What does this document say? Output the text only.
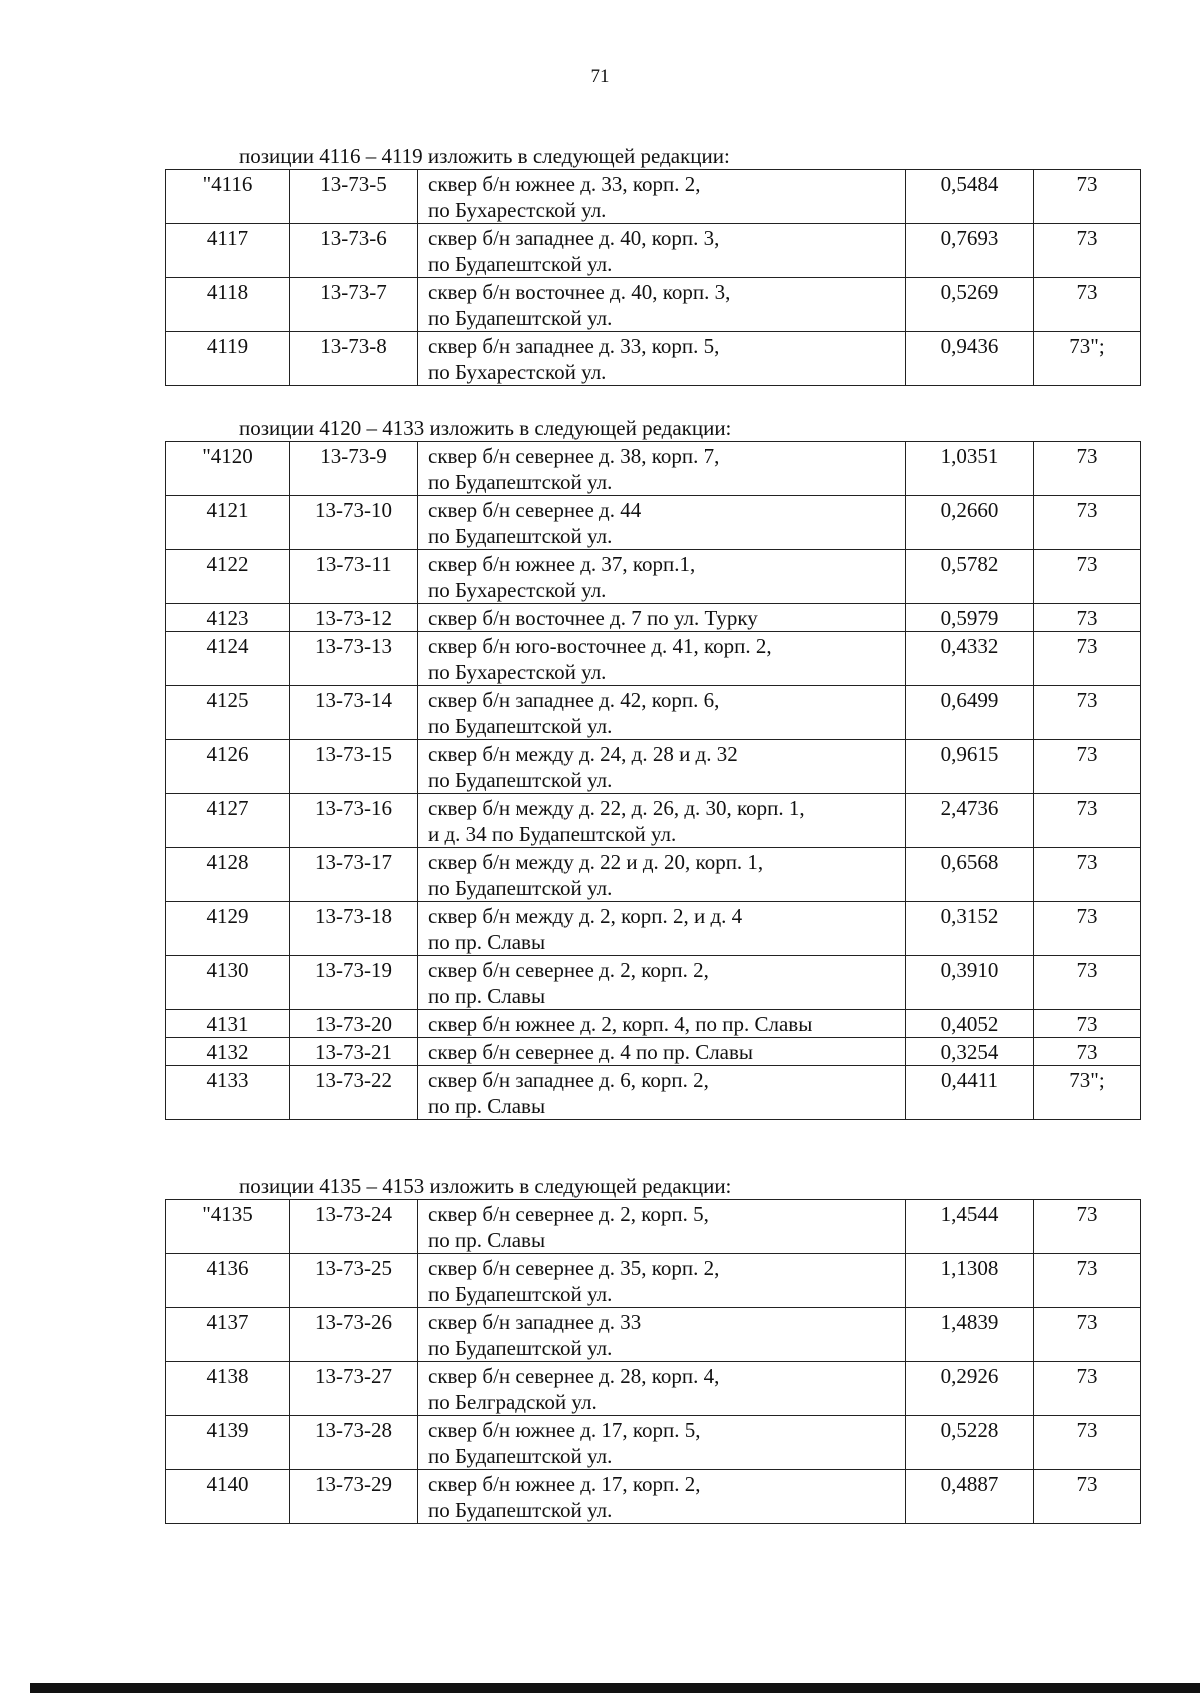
71
позиции 4116 – 4119 изложить в следующей редакции:
"4116	13-73-5	сквер б/н южнее д. 33, корп. 2,
по Бухарестской ул.	0,5484	73
4117	13-73-6	сквер б/н западнее д. 40, корп. 3,
по Будапештской ул.	0,7693	73
4118	13-73-7	сквер б/н восточнее д. 40, корп. 3,
по Будапештской ул.	0,5269	73
4119	13-73-8	сквер б/н западнее д. 33, корп. 5,
по Бухарестской ул.	0,9436	73";
позиции 4120 – 4133 изложить в следующей редакции:
"4120	13-73-9	сквер б/н севернее д. 38, корп. 7,
по Будапештской ул.	1,0351	73
4121	13-73-10	сквер б/н севернее д. 44
по Будапештской ул.	0,2660	73
4122	13-73-11	сквер б/н южнее д. 37, корп.1,
по Бухарестской ул.	0,5782	73
4123	13-73-12	сквер б/н восточнее д. 7 по ул. Турку	0,5979	73
4124	13-73-13	сквер б/н юго-восточнее д. 41, корп. 2,
по Бухарестской ул.	0,4332	73
4125	13-73-14	сквер б/н западнее д. 42, корп. 6,
по Будапештской ул.	0,6499	73
4126	13-73-15	сквер б/н между д. 24, д. 28 и д. 32
по Будапештской ул.	0,9615	73
4127	13-73-16	сквер б/н между д. 22, д. 26, д. 30, корп. 1,
и д. 34 по Будапештской ул.	2,4736	73
4128	13-73-17	сквер б/н между д. 22 и д. 20, корп. 1,
по Будапештской ул.	0,6568	73
4129	13-73-18	сквер б/н между д. 2, корп. 2, и д. 4
по пр. Славы	0,3152	73
4130	13-73-19	сквер б/н севернее д. 2, корп. 2,
по пр. Славы	0,3910	73
4131	13-73-20	сквер б/н южнее д. 2, корп. 4, по пр. Славы	0,4052	73
4132	13-73-21	сквер б/н севернее д. 4 по пр. Славы	0,3254	73
4133	13-73-22	сквер б/н западнее д. 6, корп. 2,
по пр. Славы	0,4411	73";
позиции 4135 – 4153 изложить в следующей редакции:
"4135	13-73-24	сквер б/н севернее д. 2, корп. 5,
по пр. Славы	1,4544	73
4136	13-73-25	сквер б/н севернее д. 35, корп. 2,
по Будапештской ул.	1,1308	73
4137	13-73-26	сквер б/н западнее д. 33
по Будапештской ул.	1,4839	73
4138	13-73-27	сквер б/н севернее д. 28, корп. 4,
по Белградской ул.	0,2926	73
4139	13-73-28	сквер б/н южнее д. 17, корп. 5,
по Будапештской ул.	0,5228	73
4140	13-73-29	сквер б/н южнее д. 17, корп. 2,
по Будапештской ул.	0,4887	73
